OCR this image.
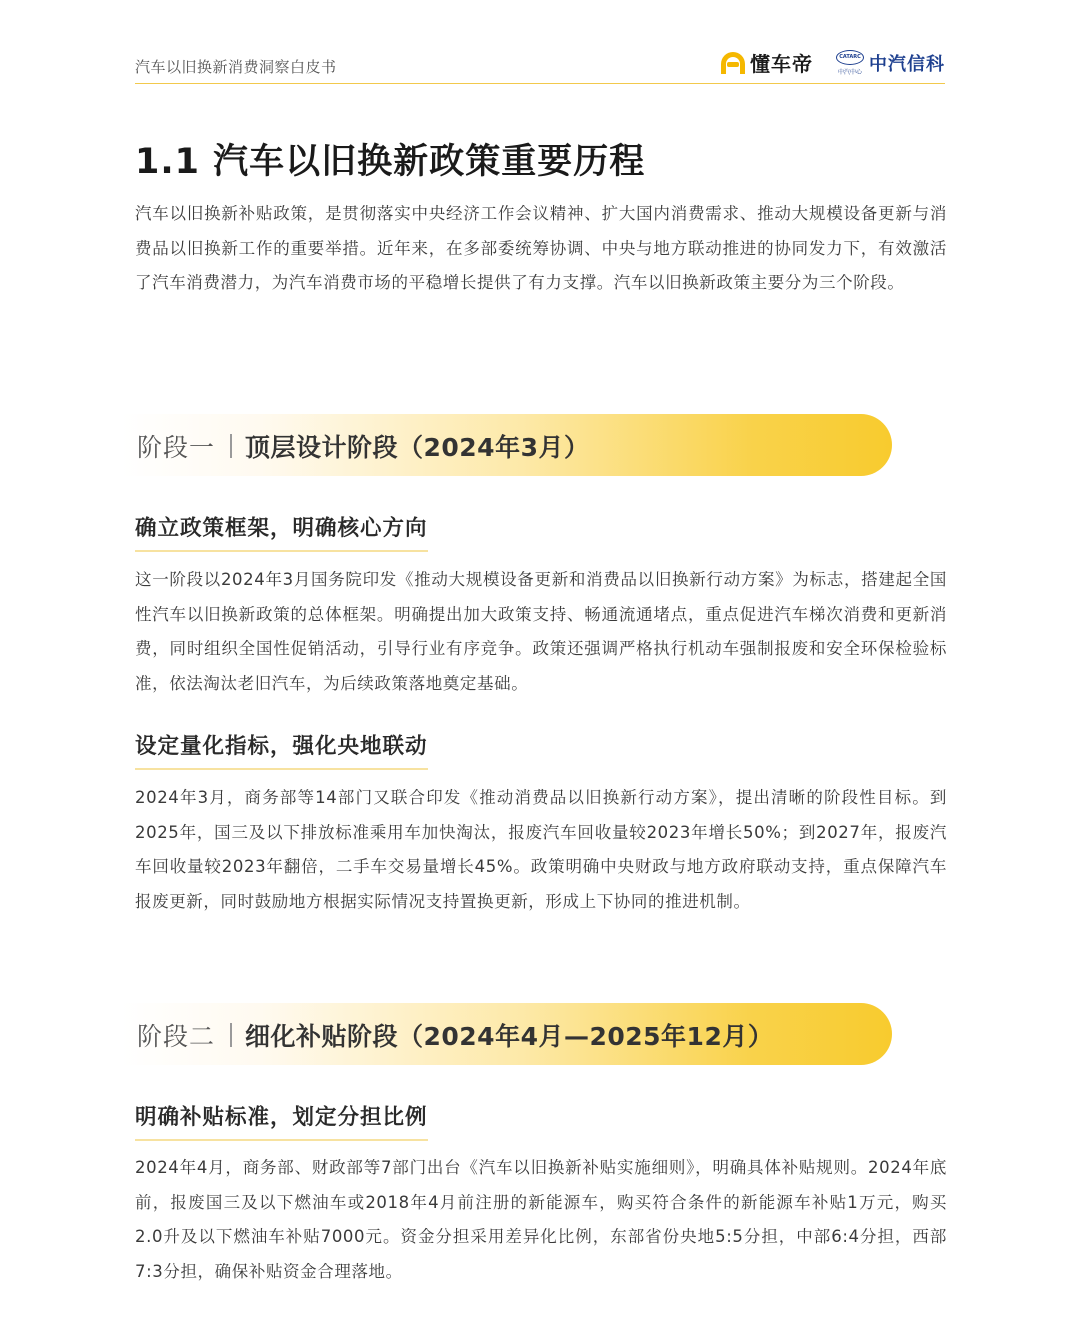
汽车以旧换新消费洞察白皮书	懂车帝	CATARC
中汽中心 中汽信科
1.1 汽车以旧换新政策重要历程

汽车以旧换新补贴政策，是贯彻落实中央经济工作会议精神、扩大国内消费需求、推动大规模设备更新与消费品以旧换新工作的重要举措。近年来，在多部委统筹协调、中央与地方联动推进的协同发力下，有效激活了汽车消费潜力，为汽车消费市场的平稳增长提供了有力支撑。汽车以旧换新政策主要分为三个阶段。

阶段一 顶层设计阶段（2024年3月）
确立政策框架，明确核心方向

这一阶段以2024年3月国务院印发《推动大规模设备更新和消费品以旧换新行动方案》为标志，搭建起全国性汽车以旧换新政策的总体框架。明确提出加大政策支持、畅通流通堵点，重点促进汽车梯次消费和更新消费，同时组织全国性促销活动，引导行业有序竞争。政策还强调严格执行机动车强制报废和安全环保检验标准，依法淘汰老旧汽车，为后续政策落地奠定基础。

设定量化指标，强化央地联动

2024年3月，商务部等14部门又联合印发《推动消费品以旧换新行动方案》，提出清晰的阶段性目标。到2025年，国三及以下排放标准乘用车加快淘汰，报废汽车回收量较2023年增长50%；到2027年，报废汽车回收量较2023年翻倍，二手车交易量增长45%。政策明确中央财政与地方政府联动支持，重点保障汽车报废更新，同时鼓励地方根据实际情况支持置换更新，形成上下协同的推进机制。

阶段二 细化补贴阶段（2024年4月—2025年12月）
明确补贴标准，划定分担比例

2024年4月，商务部、财政部等7部门出台《汽车以旧换新补贴实施细则》，明确具体补贴规则。2024年底前，报废国三及以下燃油车或2018年4月前注册的新能源车，购买符合条件的新能源车补贴1万元，购买2.0升及以下燃油车补贴7000元。资金分担采用差异化比例，东部省份央地5:5分担，中部6:4分担，西部7:3分担，确保补贴资金合理落地。
